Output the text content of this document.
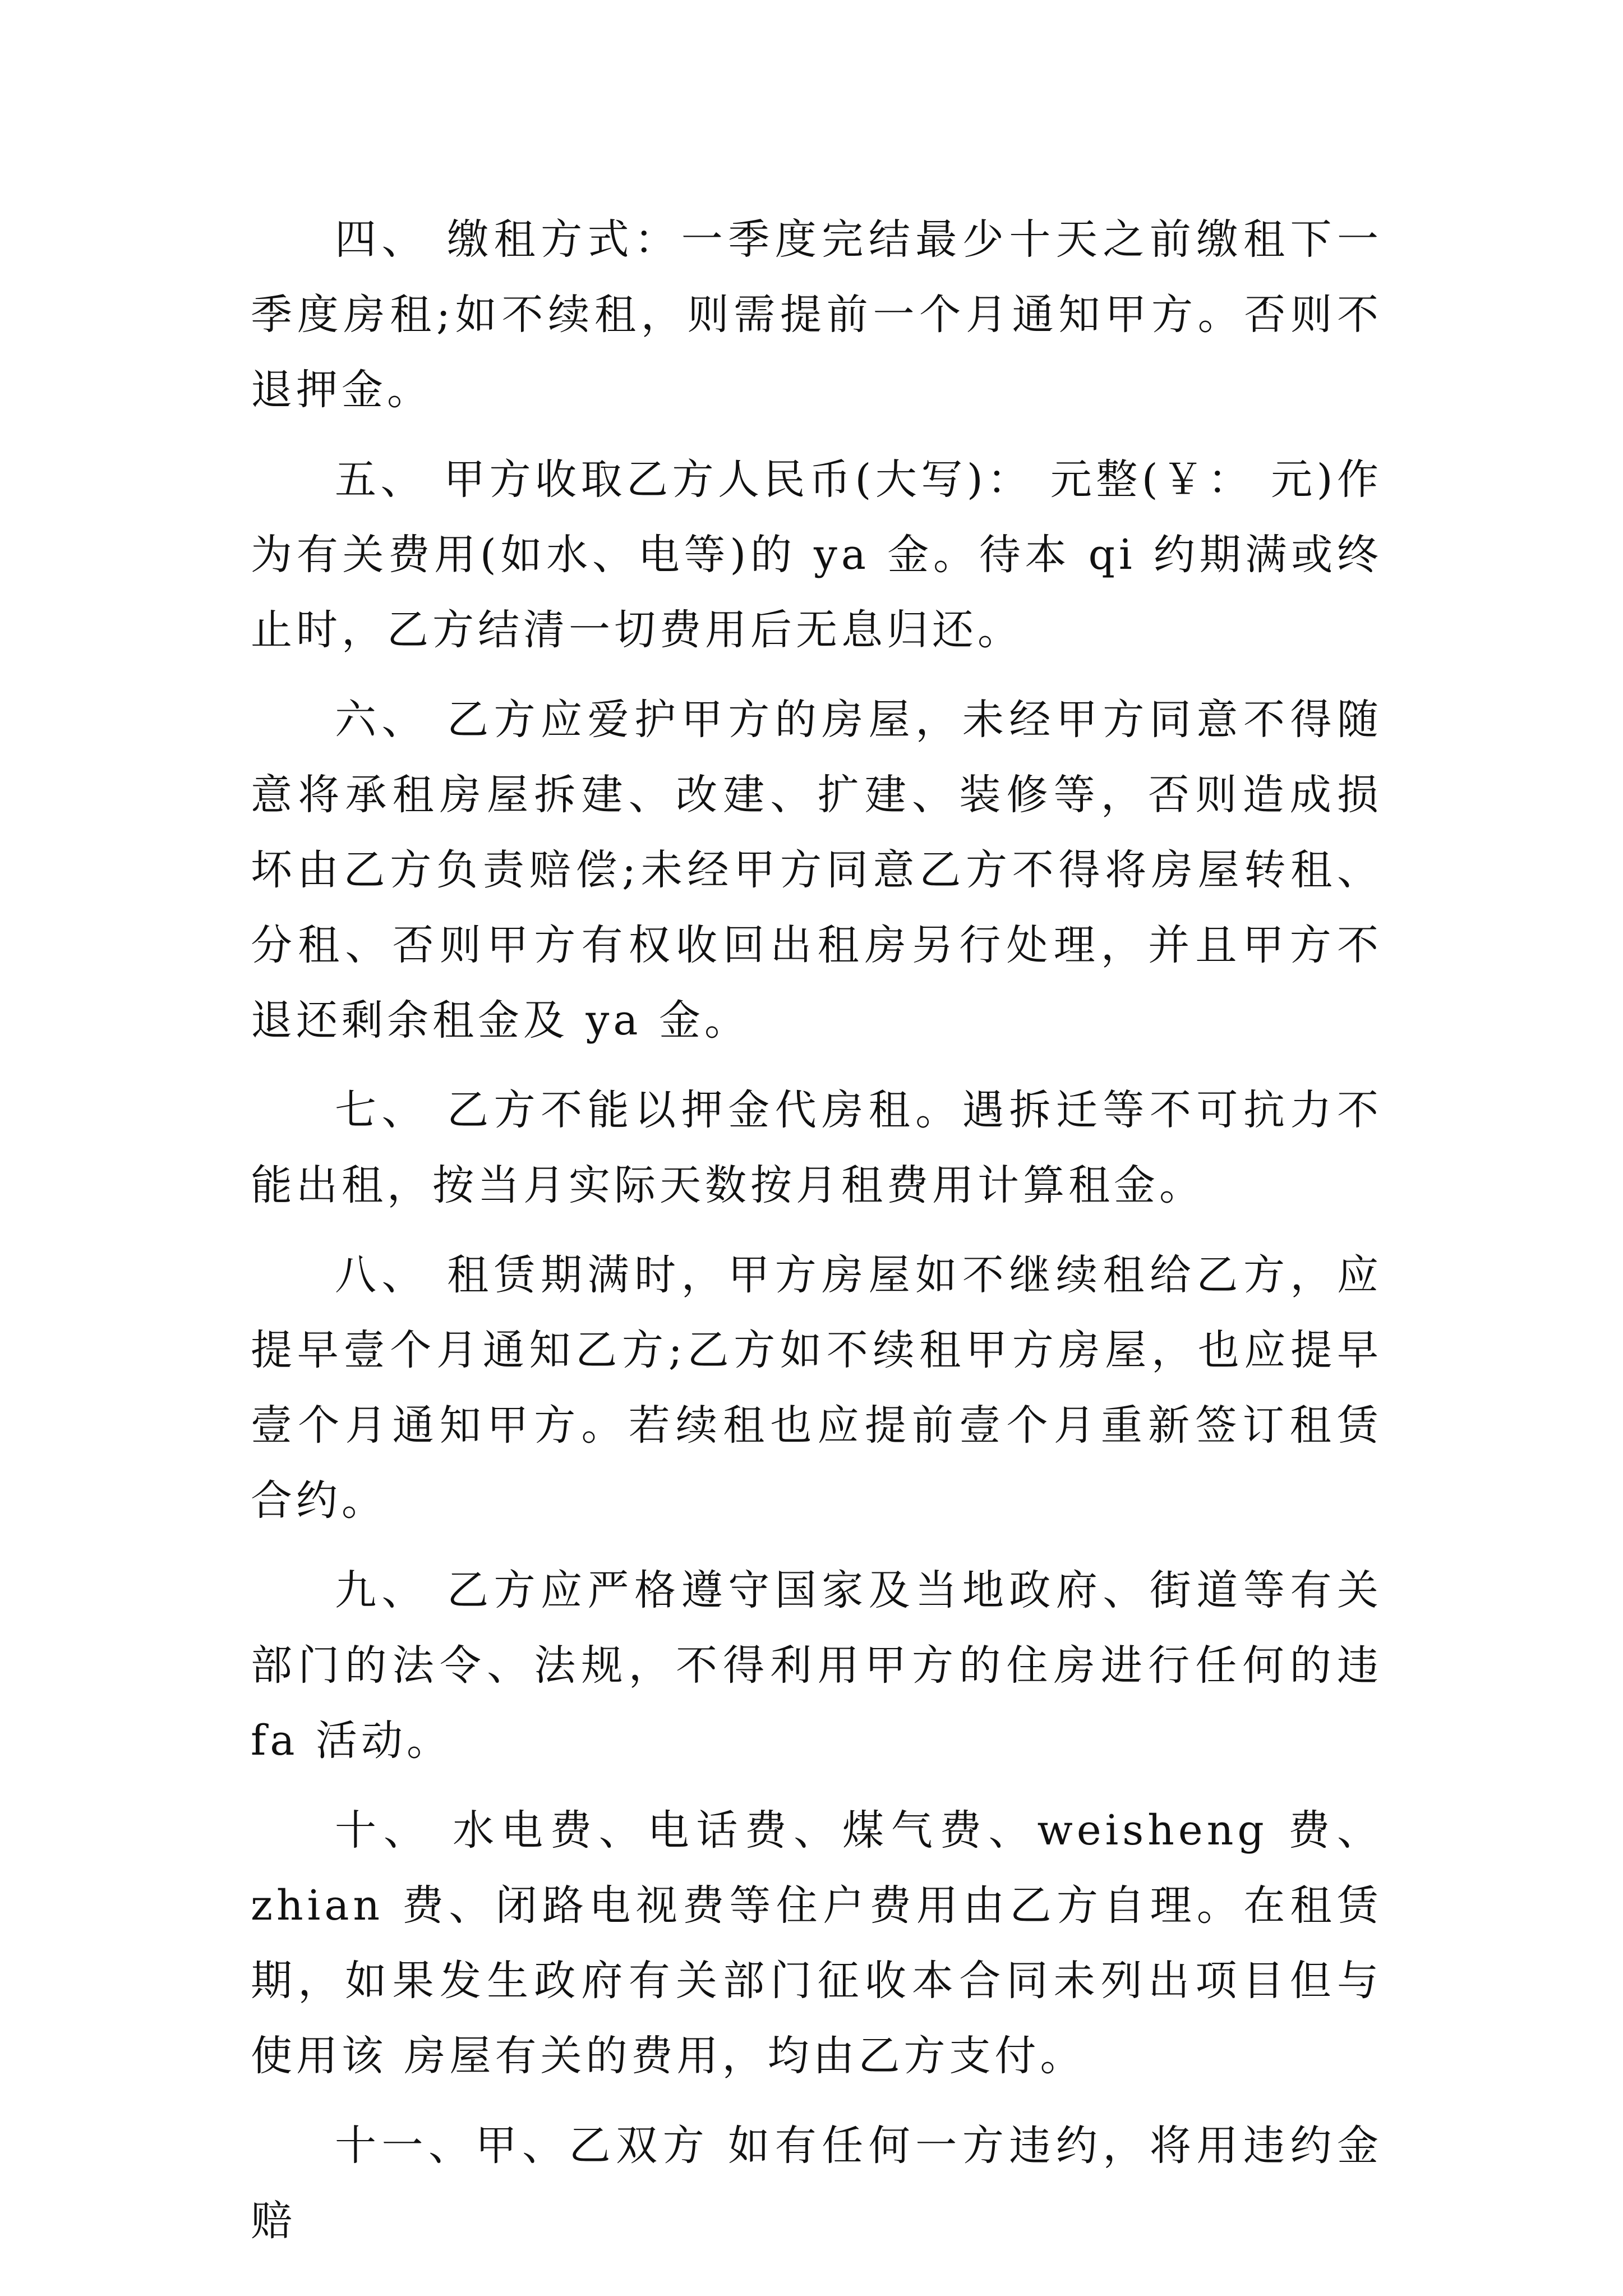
四、 缴租方式：一季度完结最少十天之前缴租下一季度房租;如不续租，则需提前一个月通知甲方。否则不退押金。

五、 甲方收取乙方人民币(大写)： 元整(￥： 元)作为有关费用(如水、电等)的 ya 金。待本 qi 约期满或终止时，乙方结清一切费用后无息归还。

六、 乙方应爱护甲方的房屋，未经甲方同意不得随意将承租房屋拆建、改建、扩建、装修等，否则造成损坏由乙方负责赔偿;未经甲方同意乙方不得将房屋转租、分租、否则甲方有权收回出租房另行处理，并且甲方不退还剩余租金及 ya 金。

七、 乙方不能以押金代房租。遇拆迁等不可抗力不能出租，按当月实际天数按月租费用计算租金。

八、 租赁期满时，甲方房屋如不继续租给乙方，应提早壹个月通知乙方;乙方如不续租甲方房屋，也应提早壹个月通知甲方。若续租也应提前壹个月重新签订租赁合约。

九、 乙方应严格遵守国家及当地政府、街道等有关部门的法令、法规，不得利用甲方的住房进行任何的违 fa 活动。

十、 水电费、电话费、煤气费、weisheng 费、zhian 费、闭路电视费等住户费用由乙方自理。在租赁期，如果发生政府有关部门征收本合同未列出项目但与使用该 房屋有关的费用，均由乙方支付。

十一、甲、乙双方 如有任何一方违约，将用违约金赔
